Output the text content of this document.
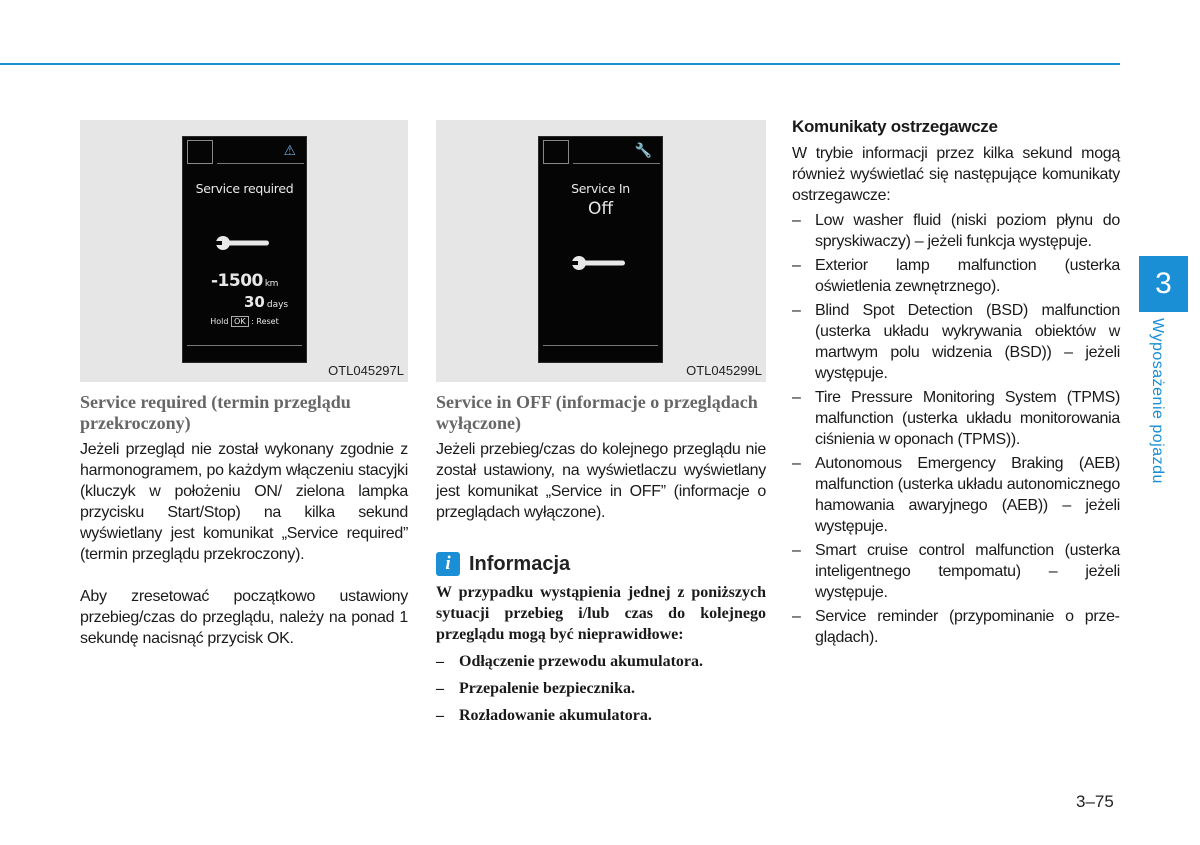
⚠
Service required
-1500 km
30 days
Hold OK : Reset
OTL045297L
🔧
Service In
Off
OTL045299L
Service required (termin przeglądu przekroczony)

Jeżeli przegląd nie został wykonany zgodnie z harmonogramem, po każdym włączeniu stacyjki (kluczyk w położeniu ON/ zielona lampka przycisku Start/Stop) na kilka sekund wyświetlany jest komunikat „Service required” (termin przeglądu przekroczony).

Aby zresetować początkowo ustawiony przebieg/czas do przeglądu, należy na ponad 1 sekundę nacisnąć przycisk OK.

Service in OFF (informacje o przeglądach wyłączone)

Jeżeli przebieg/czas do kolejnego przeglądu nie został ustawiony, na wyświetlaczu wyświetlany jest komunikat „Service in OFF” (informacje o przeglądach wyłączone).

i Informacja

W przypadku wystąpienia jednej z poniższych sytuacji przebieg i/lub czas do kolejnego przeglądu mogą być nieprawidłowe:

– Odłączenie przewodu akumulatora.
– Przepalenie bezpiecznika.
– Rozładowanie akumulatora.
Komunikaty ostrzegawcze

W trybie informacji przez kilka sekund mogą również wyświetlać się następujące komunikaty ostrzegawcze:

– Low washer fluid (niski poziom płynu do spryskiwaczy) – jeżeli funkcja występuje.
– Exterior lamp malfunction (usterka oświetlenia zewnętrznego).
– Blind Spot Detection (BSD) malfunction (usterka układu wykrywania obiektów w martwym polu widzenia (BSD)) – jeżeli występuje.
– Tire Pressure Monitoring System (TPMS) malfunction (usterka układu monitorowania ciśnienia w oponach (TPMS)).
– Autonomous Emergency Braking (AEB) malfunction (usterka układu autonomicznego hamowania awaryjnego (AEB)) – jeżeli występuje.
– Smart cruise control malfunction (usterka inteligentnego tempomatu) – jeżeli występuje.
– Service reminder (przypominanie o przeglądach).
3
Wyposażenie pojazdu
3–75
